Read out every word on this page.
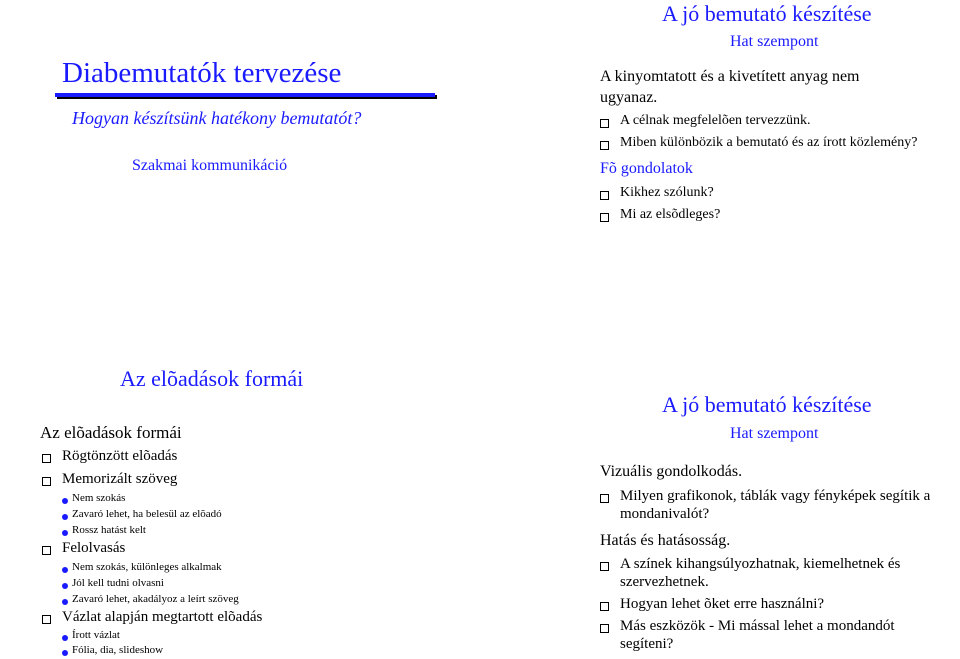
Diabemutatók tervezése
Hogyan készítsünk hatékony bemutatót?
Szakmai kommunikáció
A jó bemutató készítése
Hat szempont
A kinyomtatott és a kivetített anyag nem
ugyanaz.
A célnak megfelelõen tervezzünk.
Miben különbözik a bemutató és az írott közlemény?
Fõ gondolatok
Kikhez szólunk?
Mi az elsõdleges?
Az elõadások formái
Az elõadások formái
Rögtönzött elõadás
Memorizált szöveg
Nem szokás
Zavaró lehet, ha belesül az elõadó
Rossz hatást kelt
Felolvasás
Nem szokás, különleges alkalmak
Jól kell tudni olvasni
Zavaró lehet, akadályoz a leírt szöveg
Vázlat alapján megtartott elõadás
Írott vázlat
Fólia, dia, slideshow
A jó bemutató készítése
Hat szempont
Vizuális gondolkodás.
Milyen grafikonok, táblák vagy fényképek segítik a
mondanivalót?
Hatás és hatásosság.
A színek kihangsúlyozhatnak, kiemelhetnek és
szervezhetnek.
Hogyan lehet õket erre használni?
Más eszközök - Mi mással lehet a mondandót
segíteni?
